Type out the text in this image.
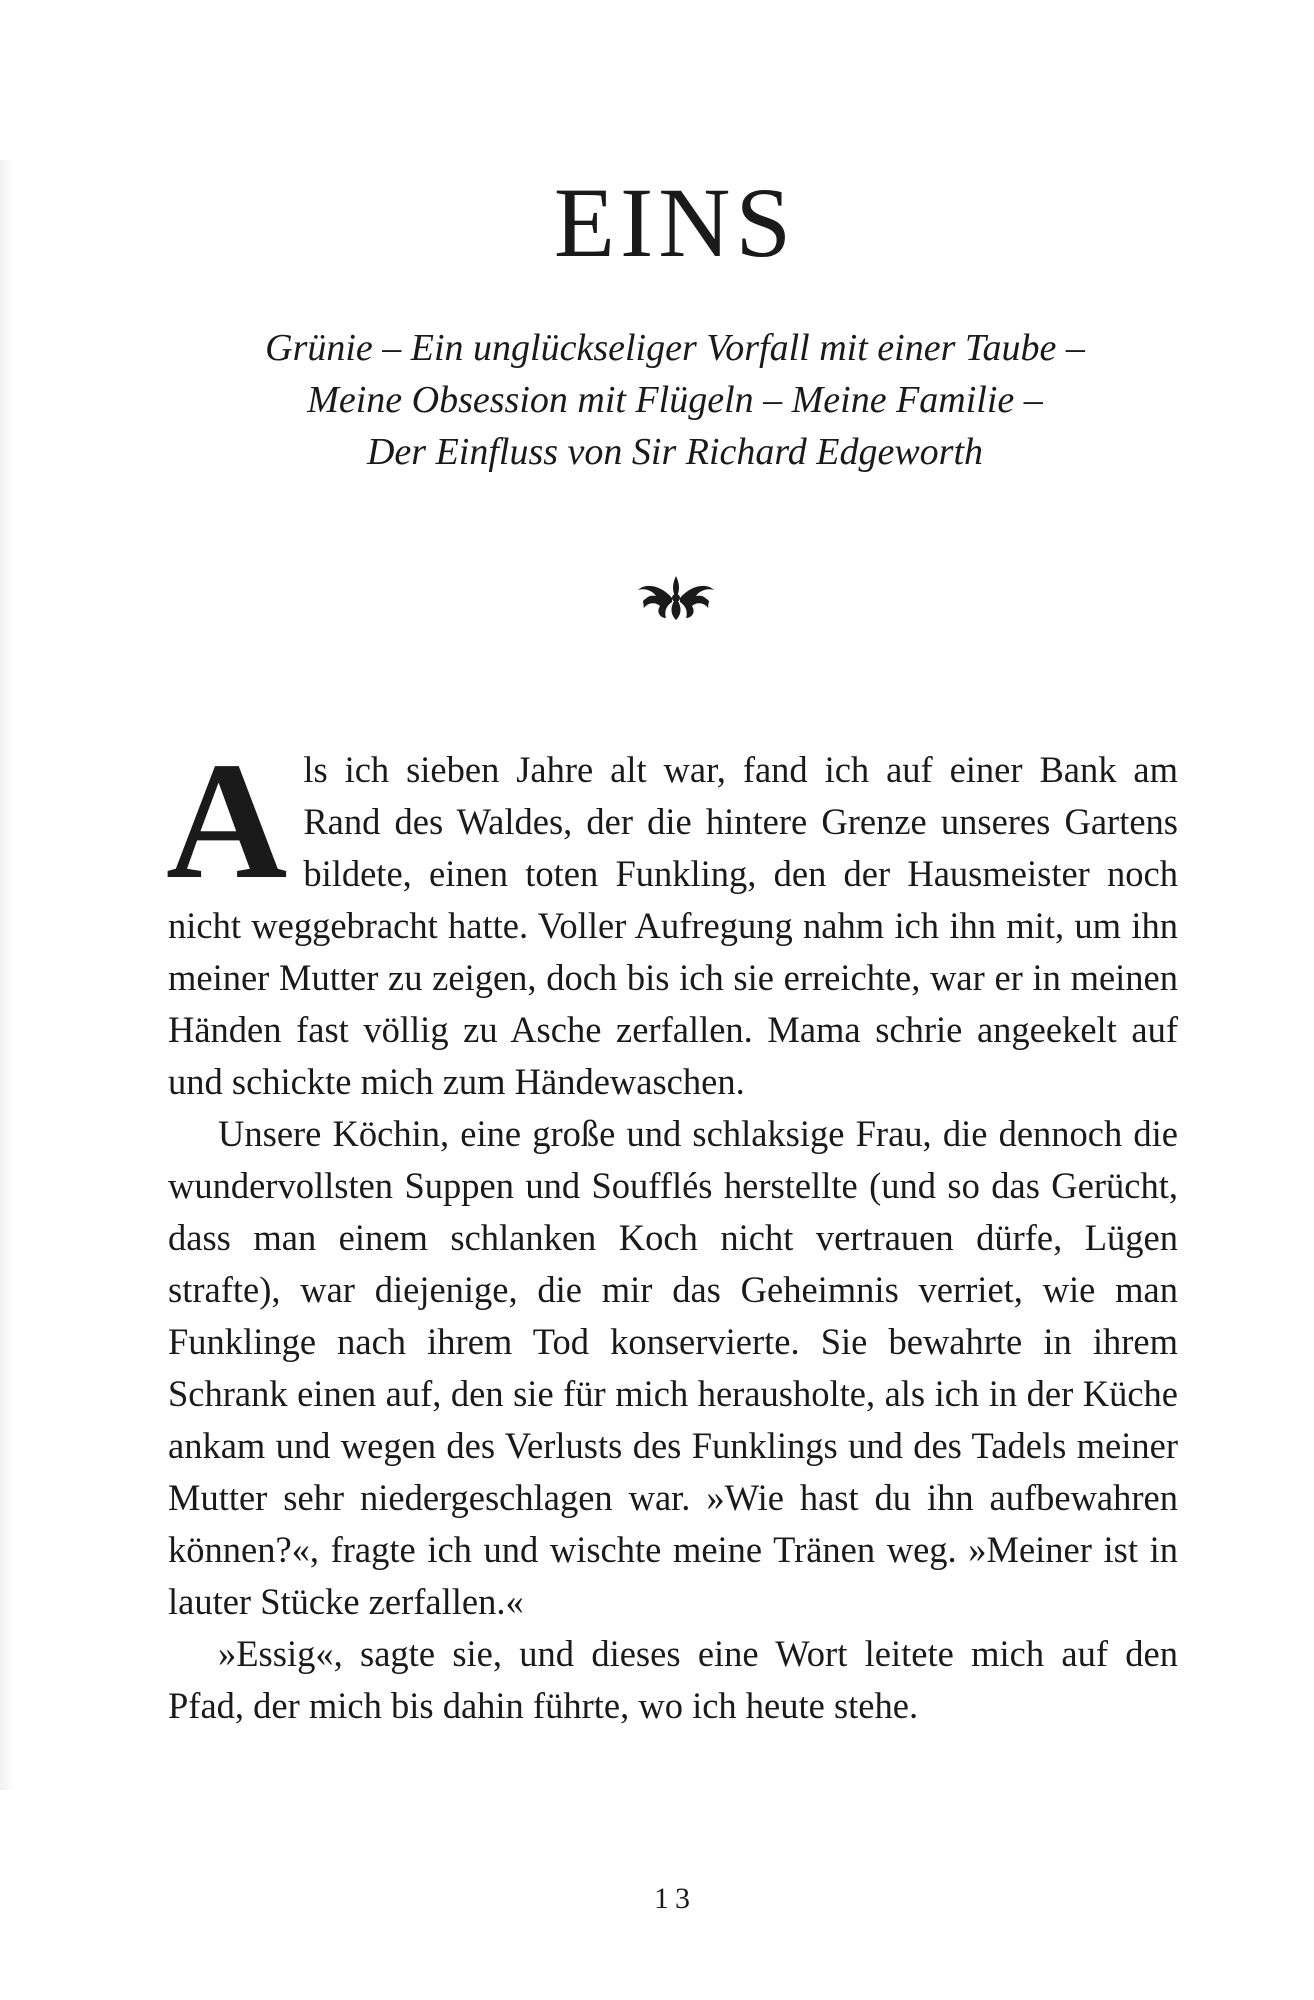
EINS
Grünie – Ein unglückseliger Vorfall mit einer Taube –
Meine Obsession mit Flügeln – Meine Familie –
Der Einfluss von Sir Richard Edgeworth

Als ich sieben Jahre alt war, fand ich auf einer Bank am Rand des Waldes, der die hintere Grenze unseres Gartens bildete, einen toten Funkling, den der Hausmeister noch nicht weggebracht hatte. Voller Aufregung nahm ich ihn mit, um ihn meiner Mutter zu zeigen, doch bis ich sie erreichte, war er in meinen Händen fast völlig zu Asche zerfallen. Mama schrie angeekelt auf und schickte mich zum Händewaschen.

Unsere Köchin, eine große und schlaksige Frau, die dennoch die wundervollsten Suppen und Soufflés herstellte (und so das Gerücht, dass man einem schlanken Koch nicht vertrauen dürfe, Lügen strafte), war diejenige, die mir das Geheimnis verriet, wie man Funklinge nach ihrem Tod konservierte. Sie bewahrte in ihrem Schrank einen auf, den sie für mich herausholte, als ich in der Küche ankam und wegen des Verlusts des Funklings und des Tadels meiner Mutter sehr niedergeschlagen war. »Wie hast du ihn aufbewahren können?«, fragte ich und wischte meine Tränen weg. »Meiner ist in lauter Stücke zerfallen.«

»Essig«, sagte sie, und dieses eine Wort leitete mich auf den Pfad, der mich bis dahin führte, wo ich heute stehe.

13
